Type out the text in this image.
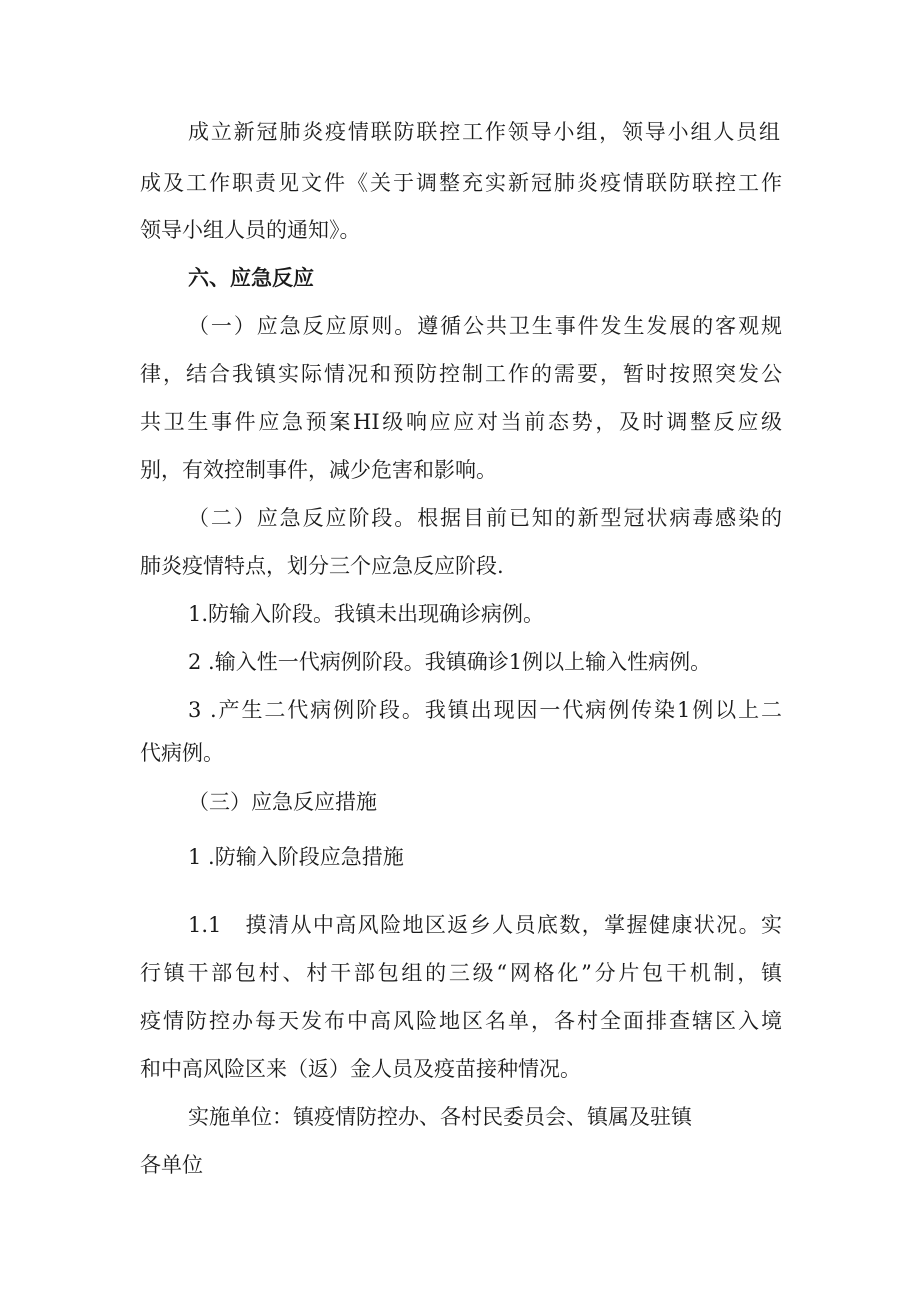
成立新冠肺炎疫情联防联控工作领导小组，领导小组人员组
成及工作职责见文件《关于调整充实新冠肺炎疫情联防联控工作
领导小组人员的通知》。
六、应急反应
（一）应急反应原则。遵循公共卫生事件发生发展的客观规
律，结合我镇实际情况和预防控制工作的需要，暂时按照突发公
共卫生事件应急预案HI级响应应对当前态势，及时调整反应级
别，有效控制事件，减少危害和影响。
（二）应急反应阶段。根据目前已知的新型冠状病毒感染的
肺炎疫情特点，划分三个应急反应阶段.
1.防输入阶段。我镇未出现确诊病例。
2 .输入性一代病例阶段。我镇确诊1例以上输入性病例。
3 .产生二代病例阶段。我镇出现因一代病例传染1例以上二
代病例。
（三）应急反应措施
1 .防输入阶段应急措施
1.1   摸清从中高风险地区返乡人员底数，掌握健康状况。实
行镇干部包村、村干部包组的三级“网格化”分片包干机制，镇
疫情防控办每天发布中高风险地区名单，各村全面排查辖区入境
和中高风险区来（返）金人员及疫苗接种情况。
实施单位：镇疫情防控办、各村民委员会、镇属及驻镇
各单位
